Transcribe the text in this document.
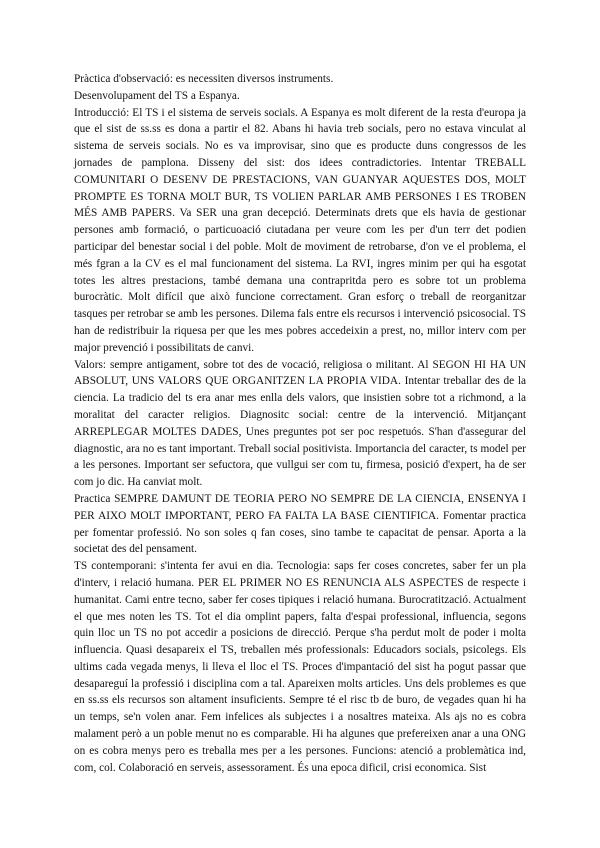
Pràctica d'observació: es necessiten diversos instruments.

Desenvolupament del TS a Espanya.

Introducció: El TS i el sistema de serveis socials. A Espanya es molt diferent de la resta d'europa ja que el sist de ss.ss es dona a partir el 82. Abans hi havia treb socials, pero no estava vinculat al sistema de serveis socials. No es va improvisar, sino que es producte duns congressos de les jornades de pamplona. Disseny del sist: dos idees contradictories. Intentar TREBALL COMUNITARI O DESENV DE PRESTACIONS, VAN GUANYAR AQUESTES DOS, MOLT PROMPTE ES TORNA MOLT BUR, TS VOLIEN PARLAR AMB PERSONES I ES TROBEN MÉS AMB PAPERS. Va SER una gran decepció. Determinats drets que els havia de gestionar persones amb formació, o particuoació ciutadana per veure com les per d'un terr det podien participar del benestar social i del poble. Molt de moviment de retrobarse, d'on ve el problema, el més fgran a la CV es el mal funcionament del sistema. La RVI, ingres minim per qui ha esgotat totes les altres prestacions, també demana una contrapritda pero es sobre tot un problema burocràtic. Molt difícil que això funcione correctament. Gran esforç o treball de reorganitzar tasques per retrobar se amb les persones. Dilema fals entre els recursos i intervenció psicosocial. TS han de redistribuir la riquesa per que les mes pobres accedeixin a prest, no, millor interv com per major prevenció i possibilitats de canvi.

Valors: sempre antigament, sobre tot des de vocació, religiosa o militant. Al SEGON HI HA UN ABSOLUT, UNS VALORS QUE ORGANITZEN LA PROPIA VIDA. Intentar treballar des de la ciencia. La tradicio del ts era anar mes enlla dels valors, que insistien sobre tot a richmond, a la moralitat del caracter religios. Diagnositc social: centre de la intervenció. Mitjançant ARREPLEGAR MOLTES DADES, Unes preguntes pot ser poc respetuós. S'han d'assegurar del diagnostic, ara no es tant important. Treball social positivista. Importancia del caracter, ts model per a les persones. Important ser sefuctora, que vullgui ser com tu, firmesa, posició d'expert, ha de ser com jo dic. Ha canviat molt.

Practica SEMPRE DAMUNT DE TEORIA PERO NO SEMPRE DE LA CIENCIA, ENSENYA I PER AIXO MOLT IMPORTANT, PERO FA FALTA LA BASE CIENTIFICA. Fomentar practica per fomentar professió. No son soles q fan coses, sino tambe te capacitat de pensar. Aporta a la societat des del pensament.

TS contemporani: s'intenta fer avui en dia. Tecnologia: saps fer coses concretes, saber fer un pla d'interv, i relació humana. PER EL PRIMER NO ES RENUNCIA ALS ASPECTES de respecte i humanitat. Cami entre tecno, saber fer coses tipiques i relació humana. Burocratització. Actualment el que mes noten les TS. Tot el dia omplint papers, falta d'espai professional, influencia, segons quin lloc un TS no pot accedir a posicions de direcció. Perque s'ha perdut molt de poder i molta influencia. Quasi desapareix el TS, treballen més professionals: Educadors socials, psicolegs. Els ultims cada vegada menys, li lleva el lloc el TS. Proces d'impantació del sist ha pogut passar que desapareguí la professió i disciplina com a tal. Apareixen molts articles. Uns dels problemes es que en ss.ss els recursos son altament insuficients. Sempre té el risc tb de buro, de vegades quan hi ha un temps, se'n volen anar. Fem infelices als subjectes i a nosaltres mateixa. Als ajs no es cobra malament però a un poble menut no es comparable. Hi ha algunes que prefereixen anar a una ONG on es cobra menys pero es treballa mes per a les persones. Funcions: atenció a problemàtica ind, com, col. Colaboració en serveis, assessorament. És una epoca dificil, crisi economica. Sist
